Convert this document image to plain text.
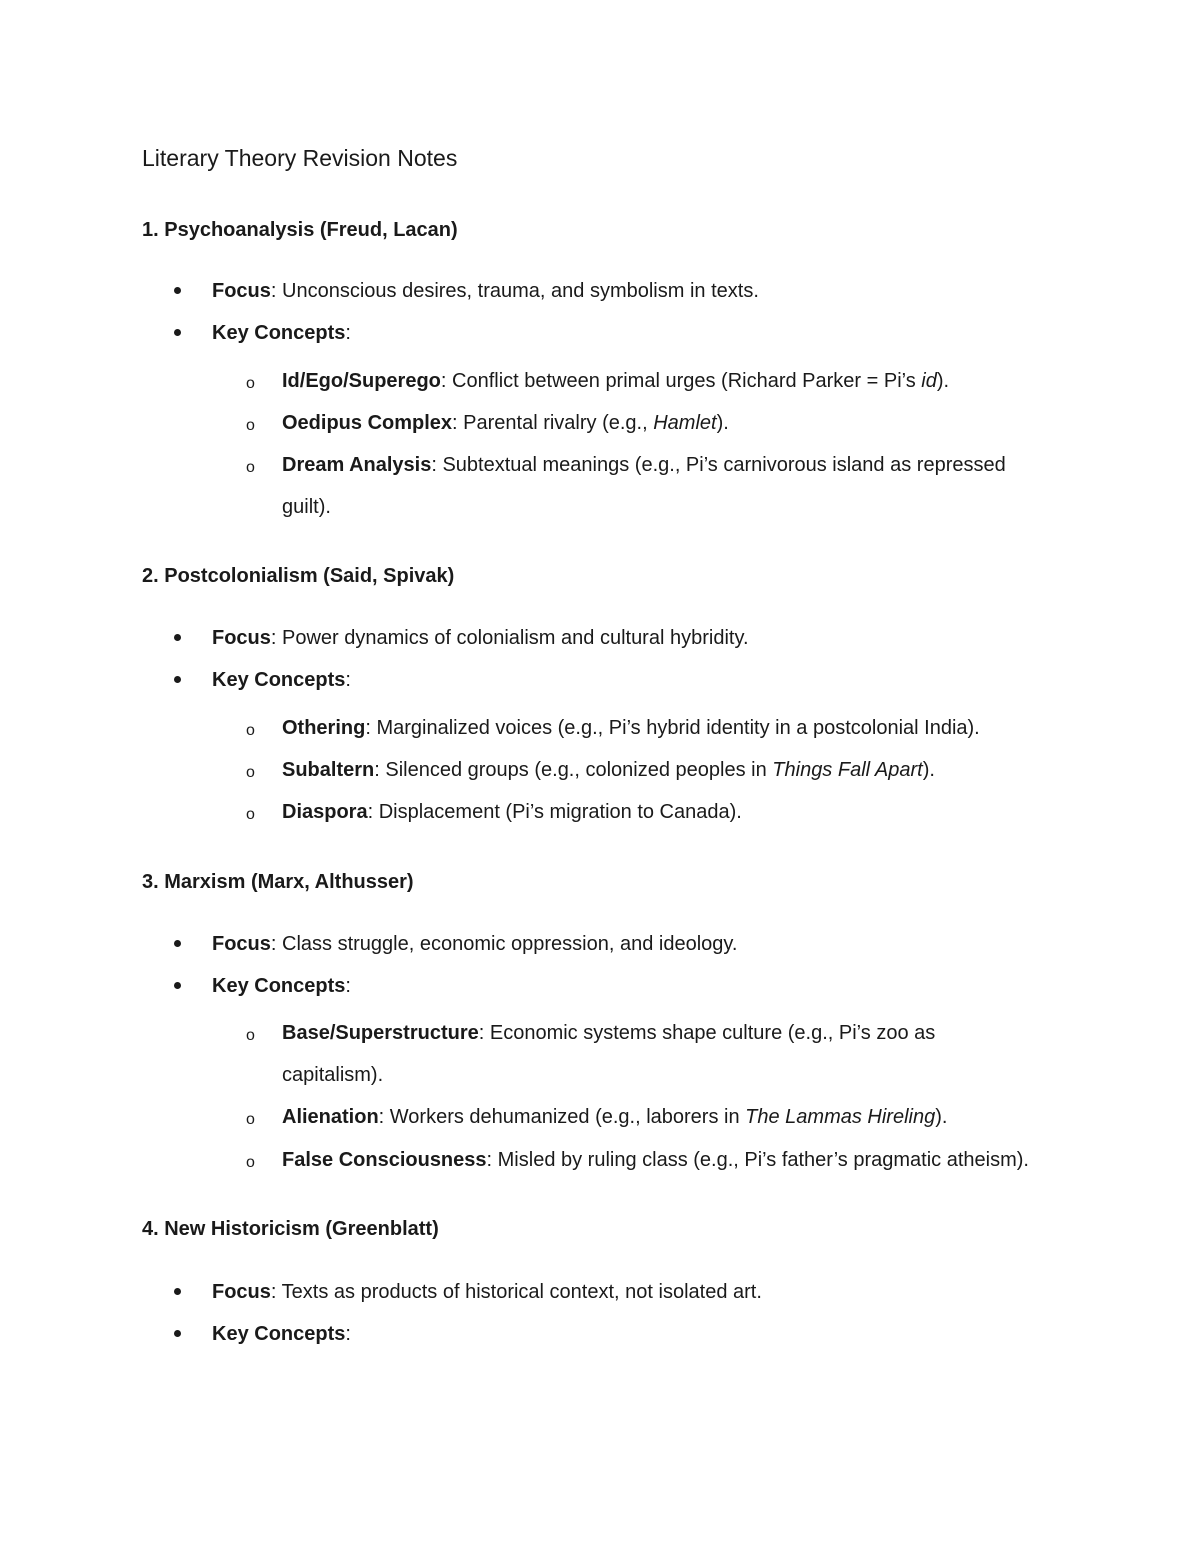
Literary Theory Revision Notes
1. Psychoanalysis (Freud, Lacan)
Focus: Unconscious desires, trauma, and symbolism in texts.
Key Concepts:
o Id/Ego/Superego: Conflict between primal urges (Richard Parker = Pi’s id).
o Oedipus Complex: Parental rivalry (e.g., Hamlet).
o Dream Analysis: Subtextual meanings (e.g., Pi’s carnivorous island as repressed
guilt).
2. Postcolonialism (Said, Spivak)
Focus: Power dynamics of colonialism and cultural hybridity.
Key Concepts:
o Othering: Marginalized voices (e.g., Pi’s hybrid identity in a postcolonial India).
o Subaltern: Silenced groups (e.g., colonized peoples in Things Fall Apart).
o Diaspora: Displacement (Pi’s migration to Canada).
3. Marxism (Marx, Althusser)
Focus: Class struggle, economic oppression, and ideology.
Key Concepts:
o Base/Superstructure: Economic systems shape culture (e.g., Pi’s zoo as
capitalism).
o Alienation: Workers dehumanized (e.g., laborers in The Lammas Hireling).
o False Consciousness: Misled by ruling class (e.g., Pi’s father’s pragmatic atheism).
4. New Historicism (Greenblatt)
Focus: Texts as products of historical context, not isolated art.
Key Concepts:
